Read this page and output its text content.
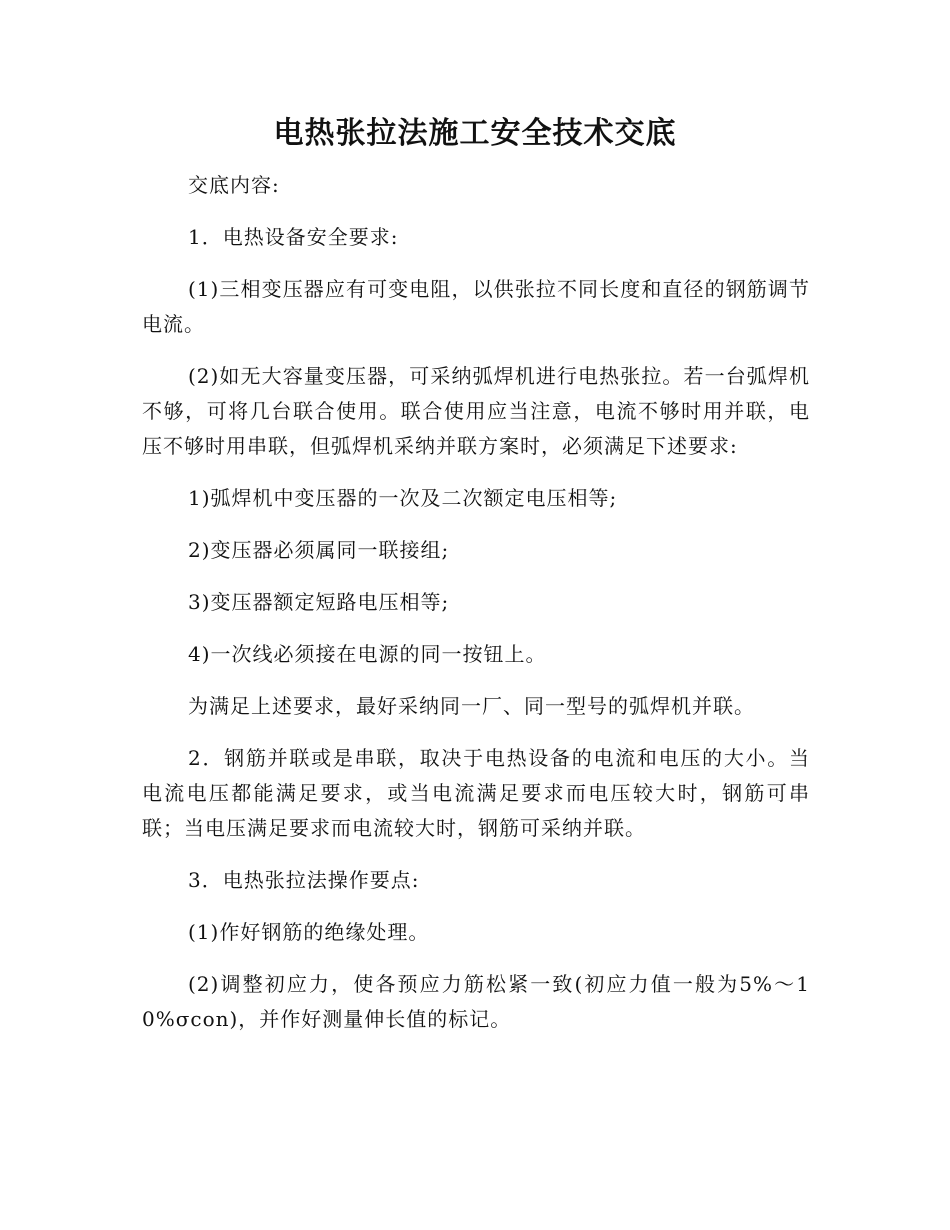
电热张拉法施工安全技术交底

交底内容:

1．电热设备安全要求:

(1)三相变压器应有可变电阻，以供张拉不同长度和直径的钢筋调节电流。

(2)如无大容量变压器，可采纳弧焊机进行电热张拉。若一台弧焊机不够，可将几台联合使用。联合使用应当注意，电流不够时用并联，电压不够时用串联，但弧焊机采纳并联方案时，必须满足下述要求:

1)弧焊机中变压器的一次及二次额定电压相等;

2)变压器必须属同一联接组;

3)变压器额定短路电压相等;

4)一次线必须接在电源的同一按钮上。

为满足上述要求，最好采纳同一厂、同一型号的弧焊机并联。

2．钢筋并联或是串联，取决于电热设备的电流和电压的大小。当电流电压都能满足要求，或当电流满足要求而电压较大时，钢筋可串联；当电压满足要求而电流较大时，钢筋可采纳并联。

3．电热张拉法操作要点:

(1)作好钢筋的绝缘处理。

(2)调整初应力，使各预应力筋松紧一致(初应力值一般为5%～10%σcon)，并作好测量伸长值的标记。
